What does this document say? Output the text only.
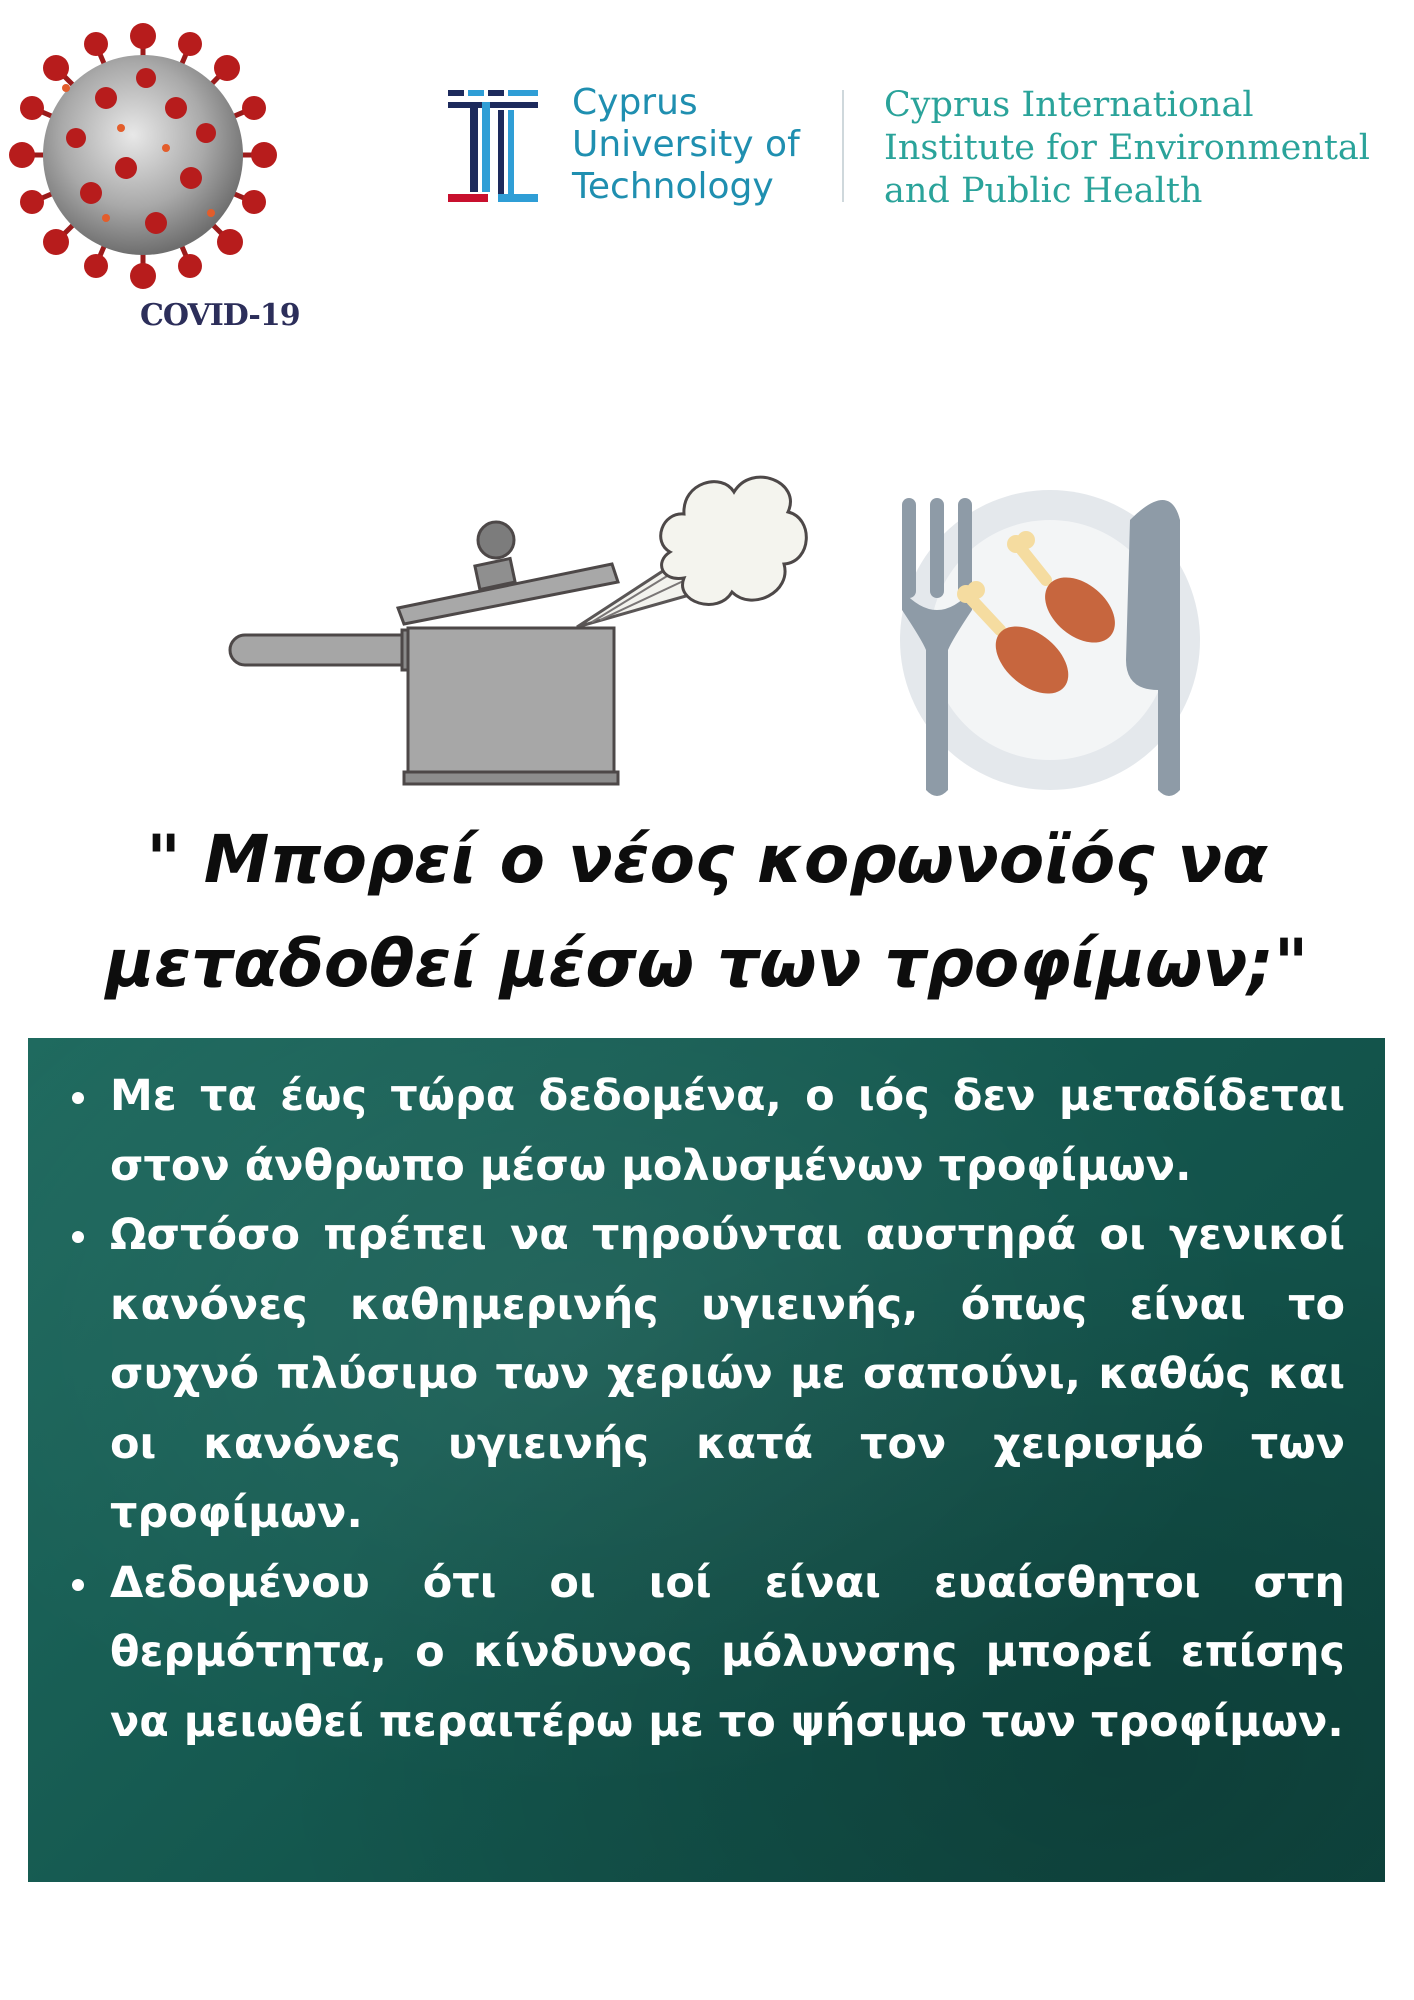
COVID-19
Cyprus
University of
Technology
Cyprus International
Institute for Environmental
and Public Health
" Μπορεί ο νέος κορωνοϊός να
μεταδοθεί μέσω των τροφίμων;"
Με τα έως τώρα δεδομένα, ο ιός δεν μεταδίδεται στον άνθρωπο μέσω μολυσμένων τροφίμων.
Ωστόσο πρέπει να τηρούνται αυστηρά οι γενικοί κανόνες καθημερινής υγιεινής, όπως είναι το συχνό πλύσιμο των χεριών με σαπούνι, καθώς και οι κανόνες υγιεινής κατά τον χειρισμό των τροφίμων.
Δεδομένου ότι οι ιοί είναι ευαίσθητοι στη θερμότητα, ο κίνδυνος μόλυνσης μπορεί επίσης να μειωθεί περαιτέρω με το ψήσιμο των τροφίμων.
